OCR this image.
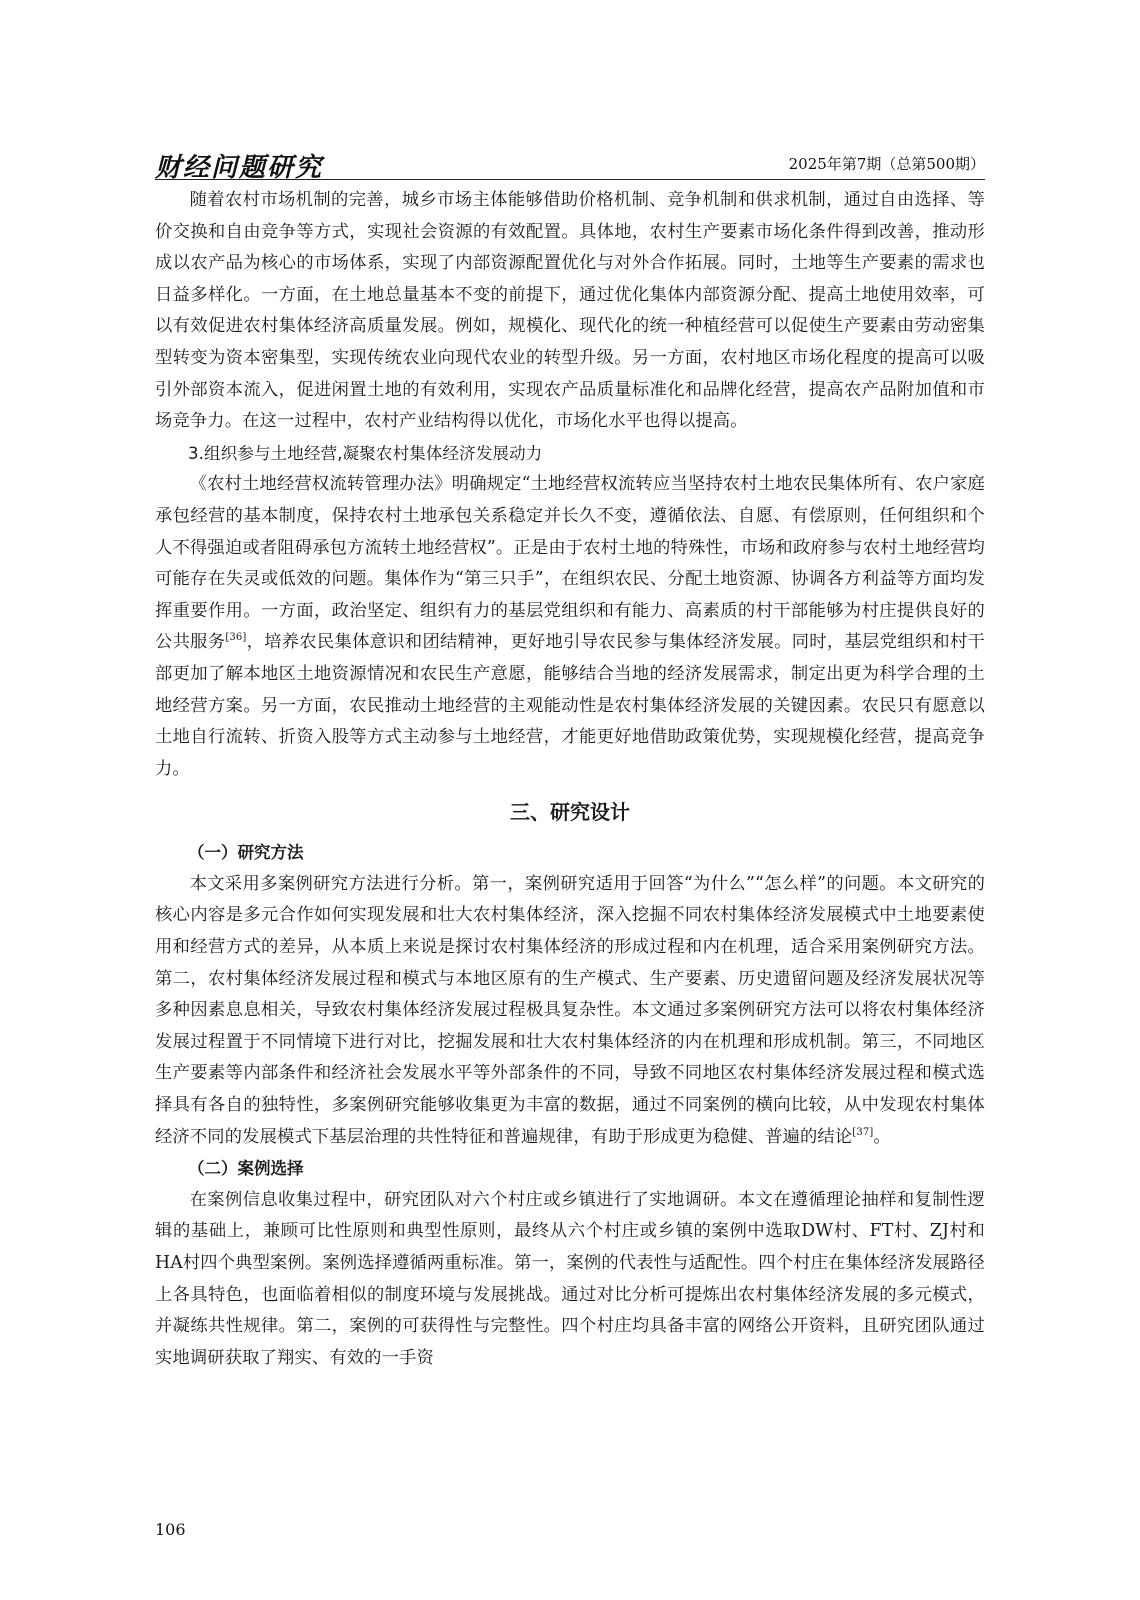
财经问题研究	2025年第7期（总第500期）

随着农村市场机制的完善，城乡市场主体能够借助价格机制、竞争机制和供求机制，通过自由选择、等价交换和自由竞争等方式，实现社会资源的有效配置。具体地，农村生产要素市场化条件得到改善，推动形成以农产品为核心的市场体系，实现了内部资源配置优化与对外合作拓展。同时，土地等生产要素的需求也日益多样化。一方面，在土地总量基本不变的前提下，通过优化集体内部资源分配、提高土地使用效率，可以有效促进农村集体经济高质量发展。例如，规模化、现代化的统一种植经营可以促使生产要素由劳动密集型转变为资本密集型，实现传统农业向现代农业的转型升级。另一方面，农村地区市场化程度的提高可以吸引外部资本流入，促进闲置土地的有效利用，实现农产品质量标准化和品牌化经营，提高农产品附加值和市场竞争力。在这一过程中，农村产业结构得以优化，市场化水平也得以提高。

3.组织参与土地经营,凝聚农村集体经济发展动力

《农村土地经营权流转管理办法》明确规定“土地经营权流转应当坚持农村土地农民集体所有、农户家庭承包经营的基本制度，保持农村土地承包关系稳定并长久不变，遵循依法、自愿、有偿原则，任何组织和个人不得强迫或者阻碍承包方流转土地经营权”。正是由于农村土地的特殊性，市场和政府参与农村土地经营均可能存在失灵或低效的问题。集体作为“第三只手”，在组织农民、分配土地资源、协调各方利益等方面均发挥重要作用。一方面，政治坚定、组织有力的基层党组织和有能力、高素质的村干部能够为村庄提供良好的公共服务[36]，培养农民集体意识和团结精神，更好地引导农民参与集体经济发展。同时，基层党组织和村干部更加了解本地区土地资源情况和农民生产意愿，能够结合当地的经济发展需求，制定出更为科学合理的土地经营方案。另一方面，农民推动土地经营的主观能动性是农村集体经济发展的关键因素。农民只有愿意以土地自行流转、折资入股等方式主动参与土地经营，才能更好地借助政策优势，实现规模化经营，提高竞争力。

三、研究设计
（一）研究方法

本文采用多案例研究方法进行分析。第一，案例研究适用于回答“为什么”“怎么样”的问题。本文研究的核心内容是多元合作如何实现发展和壮大农村集体经济，深入挖掘不同农村集体经济发展模式中土地要素使用和经营方式的差异，从本质上来说是探讨农村集体经济的形成过程和内在机理，适合采用案例研究方法。第二，农村集体经济发展过程和模式与本地区原有的生产模式、生产要素、历史遗留问题及经济发展状况等多种因素息息相关，导致农村集体经济发展过程极具复杂性。本文通过多案例研究方法可以将农村集体经济发展过程置于不同情境下进行对比，挖掘发展和壮大农村集体经济的内在机理和形成机制。第三，不同地区生产要素等内部条件和经济社会发展水平等外部条件的不同，导致不同地区农村集体经济发展过程和模式选择具有各自的独特性，多案例研究能够收集更为丰富的数据，通过不同案例的横向比较，从中发现农村集体经济不同的发展模式下基层治理的共性特征和普遍规律，有助于形成更为稳健、普遍的结论[37]。

（二）案例选择

在案例信息收集过程中，研究团队对六个村庄或乡镇进行了实地调研。本文在遵循理论抽样和复制性逻辑的基础上，兼顾可比性原则和典型性原则，最终从六个村庄或乡镇的案例中选取DW村、FT村、ZJ村和HA村四个典型案例。案例选择遵循两重标准。第一，案例的代表性与适配性。四个村庄在集体经济发展路径上各具特色，也面临着相似的制度环境与发展挑战。通过对比分析可提炼出农村集体经济发展的多元模式，并凝练共性规律。第二，案例的可获得性与完整性。四个村庄均具备丰富的网络公开资料，且研究团队通过实地调研获取了翔实、有效的一手资

106
